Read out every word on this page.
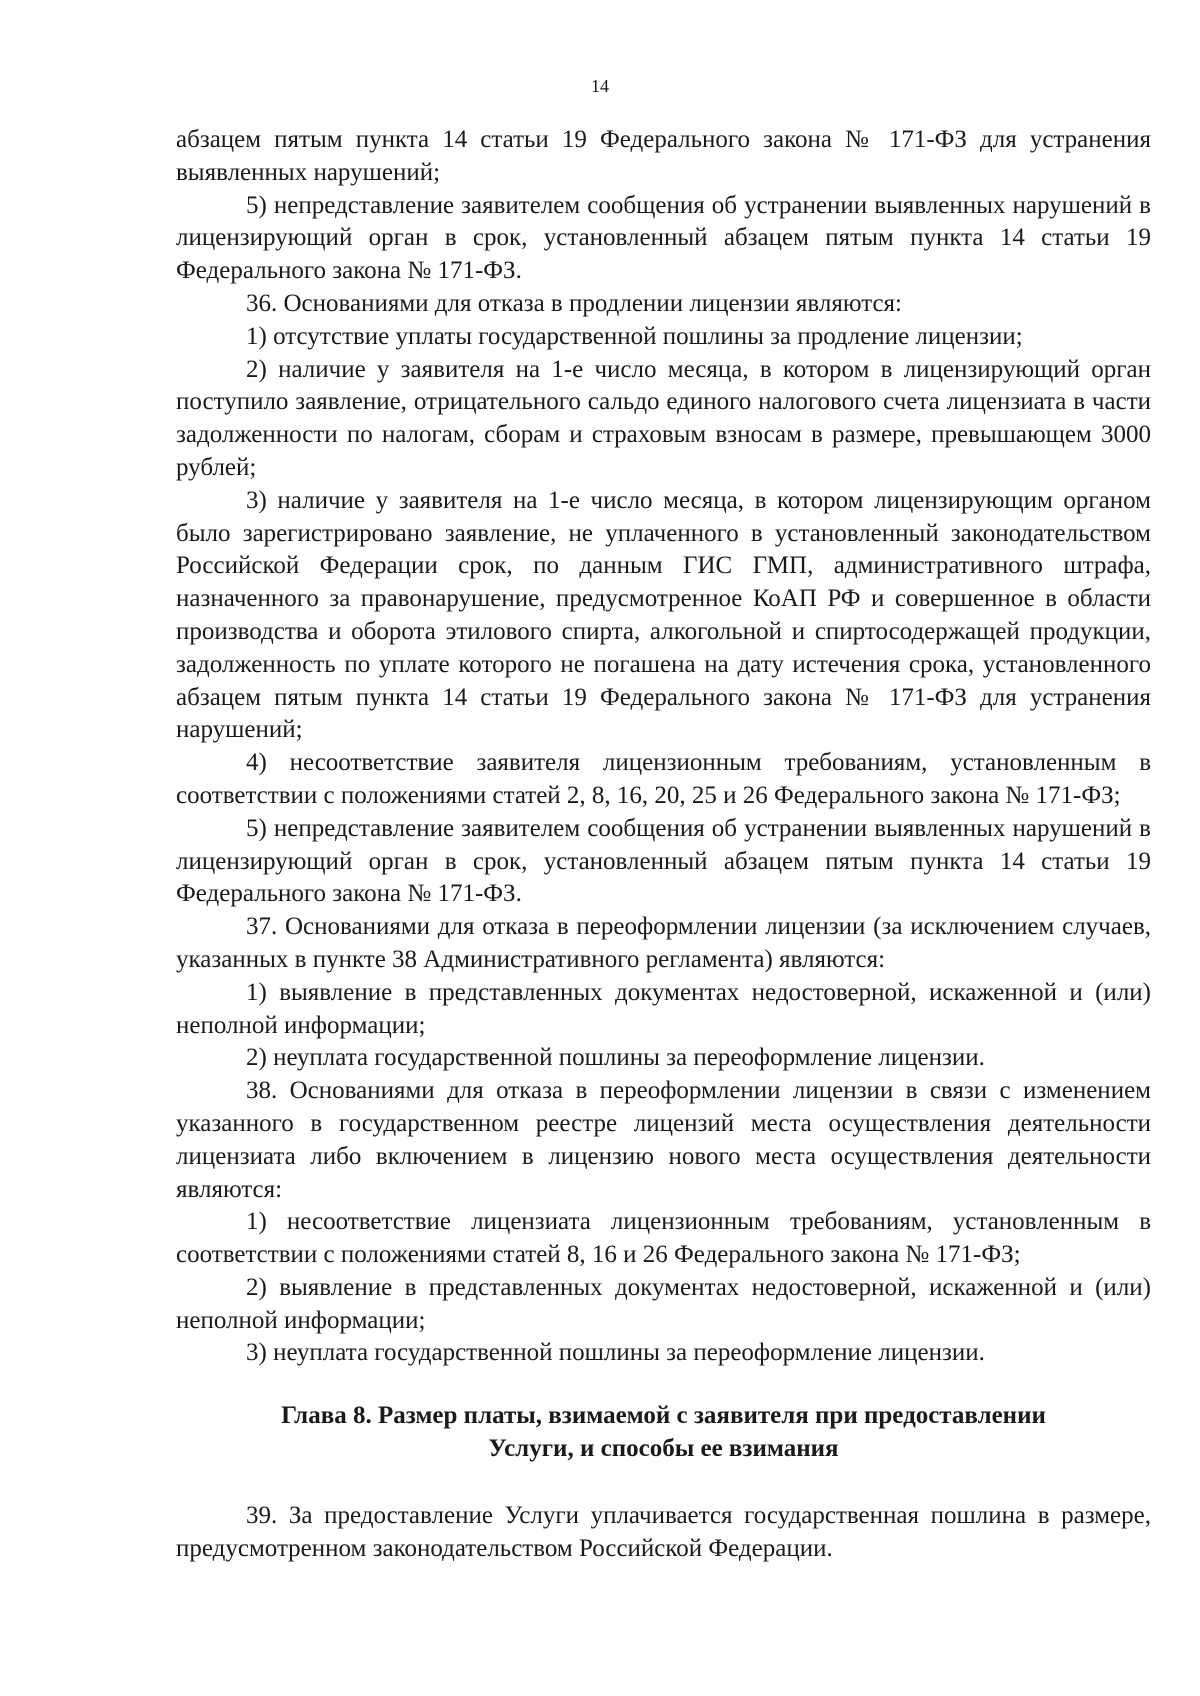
14

абзацем пятым пункта 14 статьи 19 Федерального закона № 171-ФЗ для устранения выявленных нарушений;

5) непредставление заявителем сообщения об устранении выявленных нарушений в лицензирующий орган в срок, установленный абзацем пятым пункта 14 статьи 19 Федерального закона № 171-ФЗ.

36. Основаниями для отказа в продлении лицензии являются:

1) отсутствие уплаты государственной пошлины за продление лицензии;

2) наличие у заявителя на 1-е число месяца, в котором в лицензирующий орган поступило заявление, отрицательного сальдо единого налогового счета лицензиата в части задолженности по налогам, сборам и страховым взносам в размере, превышающем 3000 рублей;

3) наличие у заявителя на 1-е число месяца, в котором лицензирующим органом было зарегистрировано заявление, не уплаченного в установленный законодательством Российской Федерации срок, по данным ГИС ГМП, административного штрафа, назначенного за правонарушение, предусмотренное КоАП РФ и совершенное в области производства и оборота этилового спирта, алкогольной и спиртосодержащей продукции, задолженность по уплате которого не погашена на дату истечения срока, установленного абзацем пятым пункта 14 статьи 19 Федерального закона № 171-ФЗ для устранения нарушений;

4) несоответствие заявителя лицензионным требованиям, установленным в соответствии с положениями статей 2, 8, 16, 20, 25 и 26 Федерального закона № 171-ФЗ;

5) непредставление заявителем сообщения об устранении выявленных нарушений в лицензирующий орган в срок, установленный абзацем пятым пункта 14 статьи 19 Федерального закона № 171-ФЗ.

37. Основаниями для отказа в переоформлении лицензии (за исключением случаев, указанных в пункте 38 Административного регламента) являются:

1) выявление в представленных документах недостоверной, искаженной и (или) неполной информации;

2) неуплата государственной пошлины за переоформление лицензии.

38. Основаниями для отказа в переоформлении лицензии в связи с изменением указанного в государственном реестре лицензий места осуществления деятельности лицензиата либо включением в лицензию нового места осуществления деятельности являются:

1) несоответствие лицензиата лицензионным требованиям, установленным в соответствии с положениями статей 8, 16 и 26 Федерального закона № 171-ФЗ;

2) выявление в представленных документах недостоверной, искаженной и (или) неполной информации;

3) неуплата государственной пошлины за переоформление лицензии.

Глава 8. Размер платы, взимаемой с заявителя при предоставлении
Услуги, и способы ее взимания

39. За предоставление Услуги уплачивается государственная пошлина в размере, предусмотренном законодательством Российской Федерации.
